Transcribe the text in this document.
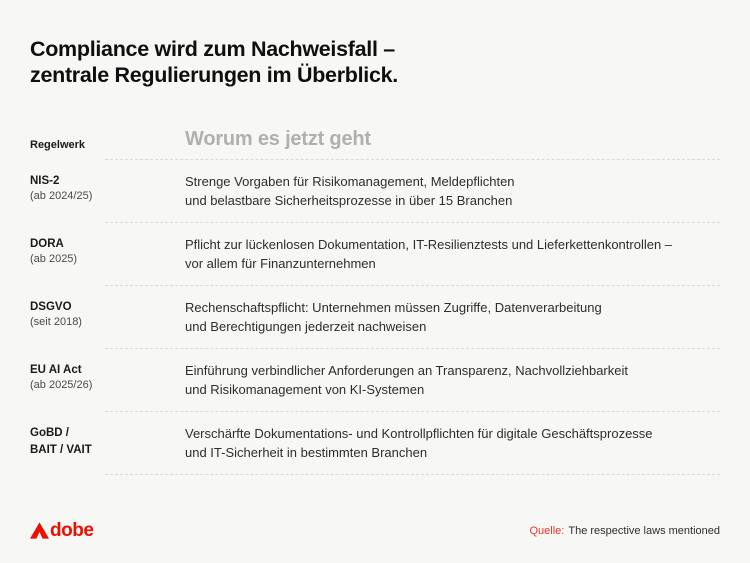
Compliance wird zum Nachweisfall –
zentrale Regulierungen im Überblick.
Regelwerk	Worum es jetzt geht
NIS-2
(ab 2024/25)
Strenge Vorgaben für Risikomanagement, Meldepflichten
und belastbare Sicherheitsprozesse in über 15 Branchen
DORA
(ab 2025)
Pflicht zur lückenlosen Dokumentation, IT-Resilienztests und Lieferkettenkontrollen –
vor allem für Finanzunternehmen
DSGVO
(seit 2018)
Rechenschaftspflicht: Unternehmen müssen Zugriffe, Datenverarbeitung
und Berechtigungen jederzeit nachweisen
EU AI Act
(ab 2025/26)
Einführung verbindlicher Anforderungen an Transparenz, Nachvollziehbarkeit
und Risikomanagement von KI-Systemen
GoBD /
BAIT / VAIT
Verschärfte Dokumentations- und Kontrollpflichten für digitale Geschäftsprozesse
und IT-Sicherheit in bestimmten Branchen
dobe	Quelle: The respective laws mentioned
